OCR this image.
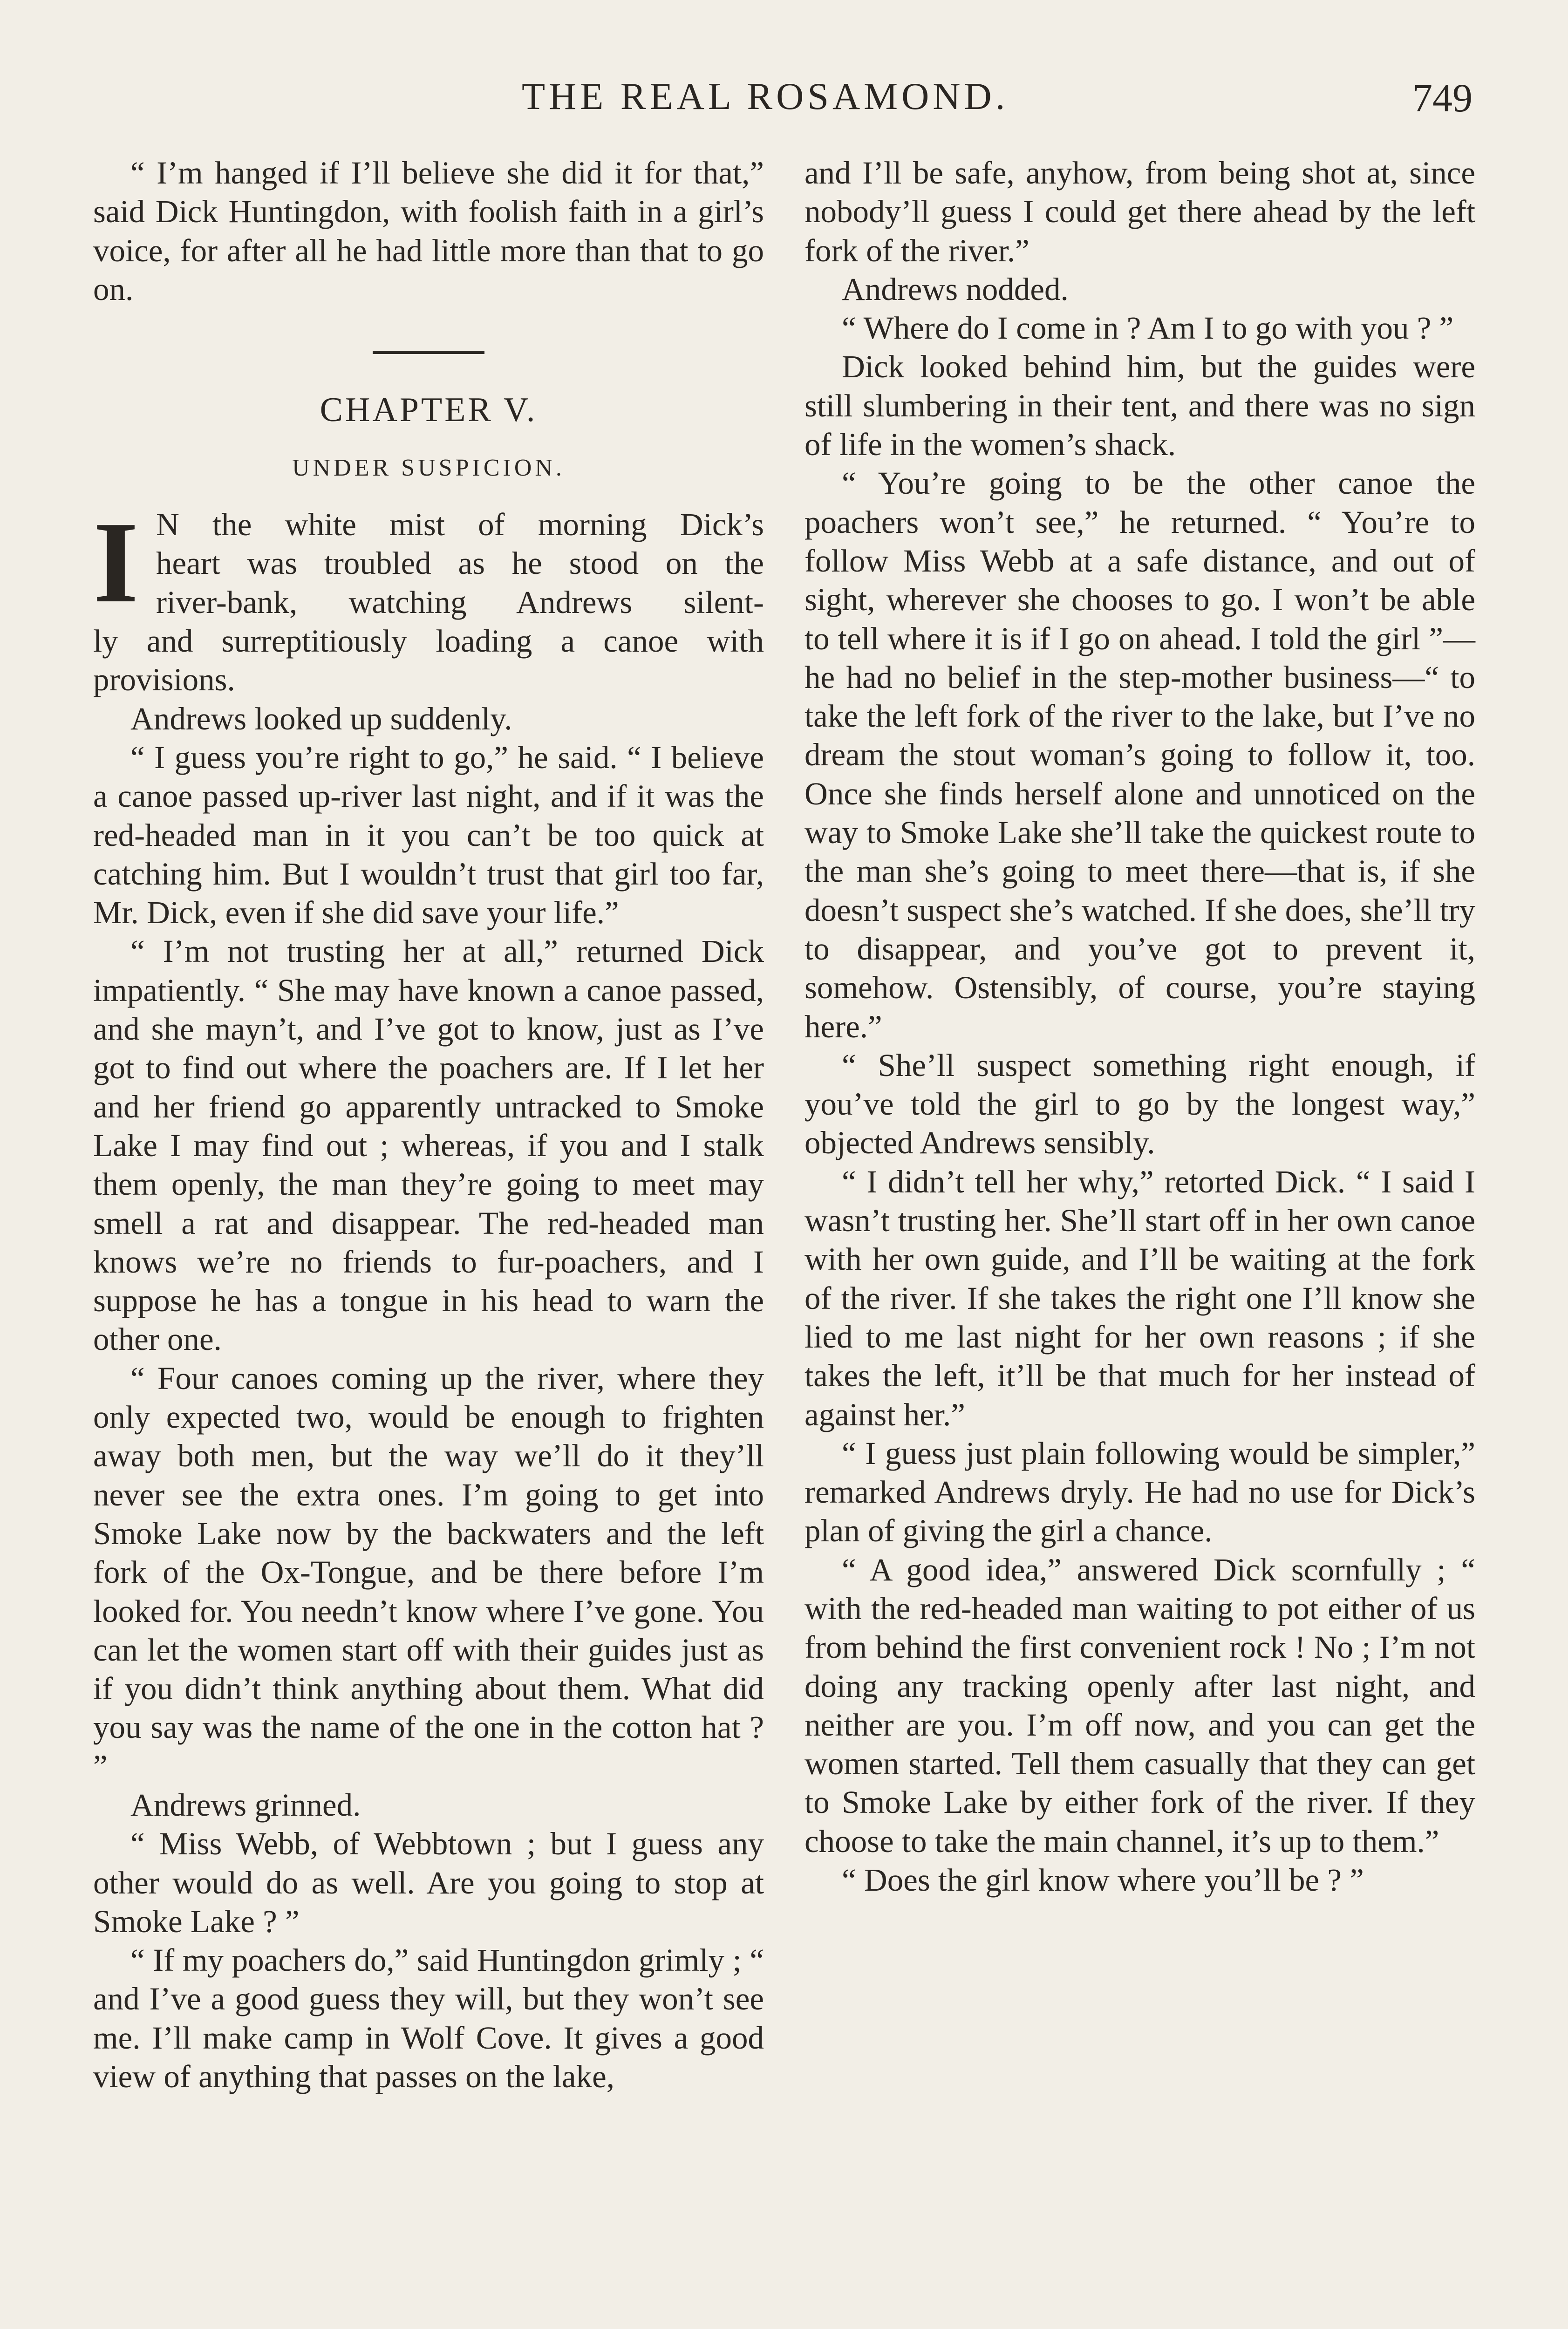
THE REAL ROSAMOND.	749

“ I’m hanged if I’ll believe she did it for that,” said Dick Huntingdon, with foolish faith in a girl’s voice, for after all he had little more than that to go on.

CHAPTER V.
UNDER SUSPICION.
I N the white mist of morning Dick’s

heart was troubled as he stood on the

river-bank, watching Andrews silent-

ly and surreptitiously loading a canoe with provisions.

Andrews looked up suddenly.

“ I guess you’re right to go,” he said. “ I believe a canoe passed up-river last night, and if it was the red-headed man in it you can’t be too quick at catching him. But I wouldn’t trust that girl too far, Mr. Dick, even if she did save your life.”

“ I’m not trusting her at all,” returned Dick impatiently. “ She may have known a canoe passed, and she mayn’t, and I’ve got to know, just as I’ve got to find out where the poachers are. If I let her and her friend go apparently untracked to Smoke Lake I may find out ; whereas, if you and I stalk them openly, the man they’re going to meet may smell a rat and disappear. The red-headed man knows we’re no friends to fur-poachers, and I suppose he has a tongue in his head to warn the other one.

“ Four canoes coming up the river, where they only expected two, would be enough to frighten away both men, but the way we’ll do it they’ll never see the extra ones. I’m going to get into Smoke Lake now by the backwaters and the left fork of the Ox-Tongue, and be there before I’m looked for. You needn’t know where I’ve gone. You can let the women start off with their guides just as if you didn’t think anything about them. What did you say was the name of the one in the cotton hat ? ”

Andrews grinned.

“ Miss Webb, of Webbtown ; but I guess any other would do as well. Are you going to stop at Smoke Lake ? ”

“ If my poachers do,” said Huntingdon grimly ; “ and I’ve a good guess they will, but they won’t see me. I’ll make camp in Wolf Cove. It gives a good view of anything that passes on the lake,

and I’ll be safe, anyhow, from being shot at, since nobody’ll guess I could get there ahead by the left fork of the river.”

Andrews nodded.

“ Where do I come in ? Am I to go with you ? ”

Dick looked behind him, but the guides were still slumbering in their tent, and there was no sign of life in the women’s shack.

“ You’re going to be the other canoe the poachers won’t see,” he returned. “ You’re to follow Miss Webb at a safe distance, and out of sight, wherever she chooses to go. I won’t be able to tell where it is if I go on ahead. I told the girl ”—he had no belief in the step-mother business—“ to take the left fork of the river to the lake, but I’ve no dream the stout woman’s going to follow it, too. Once she finds herself alone and unnoticed on the way to Smoke Lake she’ll take the quickest route to the man she’s going to meet there—that is, if she doesn’t suspect she’s watched. If she does, she’ll try to disappear, and you’ve got to prevent it, somehow. Ostensibly, of course, you’re staying here.”

“ She’ll suspect something right enough, if you’ve told the girl to go by the longest way,” objected Andrews sensibly.

“ I didn’t tell her why,” retorted Dick. “ I said I wasn’t trusting her. She’ll start off in her own canoe with her own guide, and I’ll be waiting at the fork of the river. If she takes the right one I’ll know she lied to me last night for her own reasons ; if she takes the left, it’ll be that much for her instead of against her.”

“ I guess just plain following would be simpler,” remarked Andrews dryly. He had no use for Dick’s plan of giving the girl a chance.

“ A good idea,” answered Dick scornfully ; “ with the red-headed man waiting to pot either of us from behind the first convenient rock ! No ; I’m not doing any tracking openly after last night, and neither are you. I’m off now, and you can get the women started. Tell them casually that they can get to Smoke Lake by either fork of the river. If they choose to take the main channel, it’s up to them.”

“ Does the girl know where you’ll be ? ”
